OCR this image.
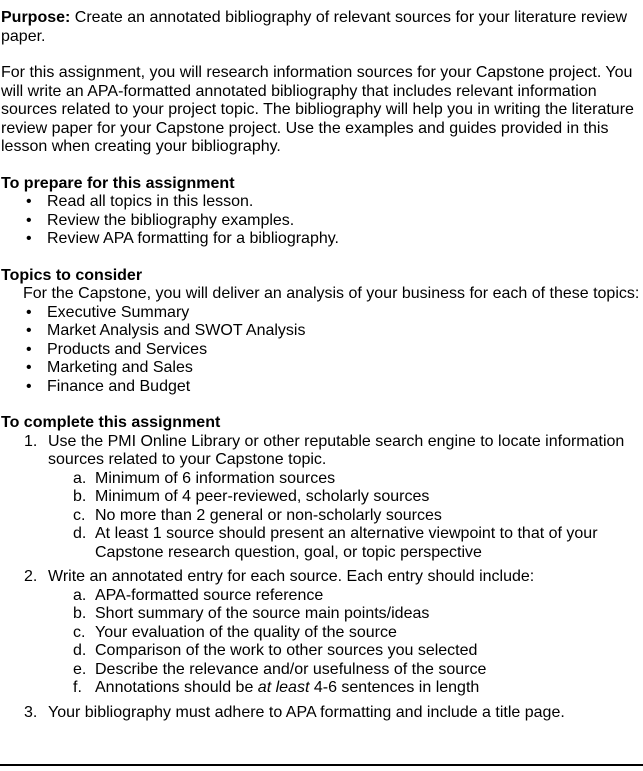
Purpose: Create an annotated bibliography of relevant sources for your literature review paper.

For this assignment, you will research information sources for your Capstone project. You will write an APA-formatted annotated bibliography that includes relevant information sources related to your project topic. The bibliography will help you in writing the literature review paper for your Capstone project. Use the examples and guides provided in this lesson when creating your bibliography.

To prepare for this assignment
• Read all topics in this lesson.
• Review the bibliography examples.
• Review APA formatting for a bibliography.
Topics to consider

For the Capstone, you will deliver an analysis of your business for each of these topics:

• Executive Summary
• Market Analysis and SWOT Analysis
• Products and Services
• Marketing and Sales
• Finance and Budget
To complete this assignment
1. Use the PMI Online Library or other reputable search engine to locate information sources related to your Capstone topic.
a. Minimum of 6 information sources
b. Minimum of 4 peer-reviewed, scholarly sources
c. No more than 2 general or non-scholarly sources
d. At least 1 source should present an alternative viewpoint to that of your Capstone research question, goal, or topic perspective
2. Write an annotated entry for each source. Each entry should include:
a. APA-formatted source reference
b. Short summary of the source main points/ideas
c. Your evaluation of the quality of the source
d. Comparison of the work to other sources you selected
e. Describe the relevance and/or usefulness of the source
f. Annotations should be at least 4-6 sentences in length
3. Your bibliography must adhere to APA formatting and include a title page.
